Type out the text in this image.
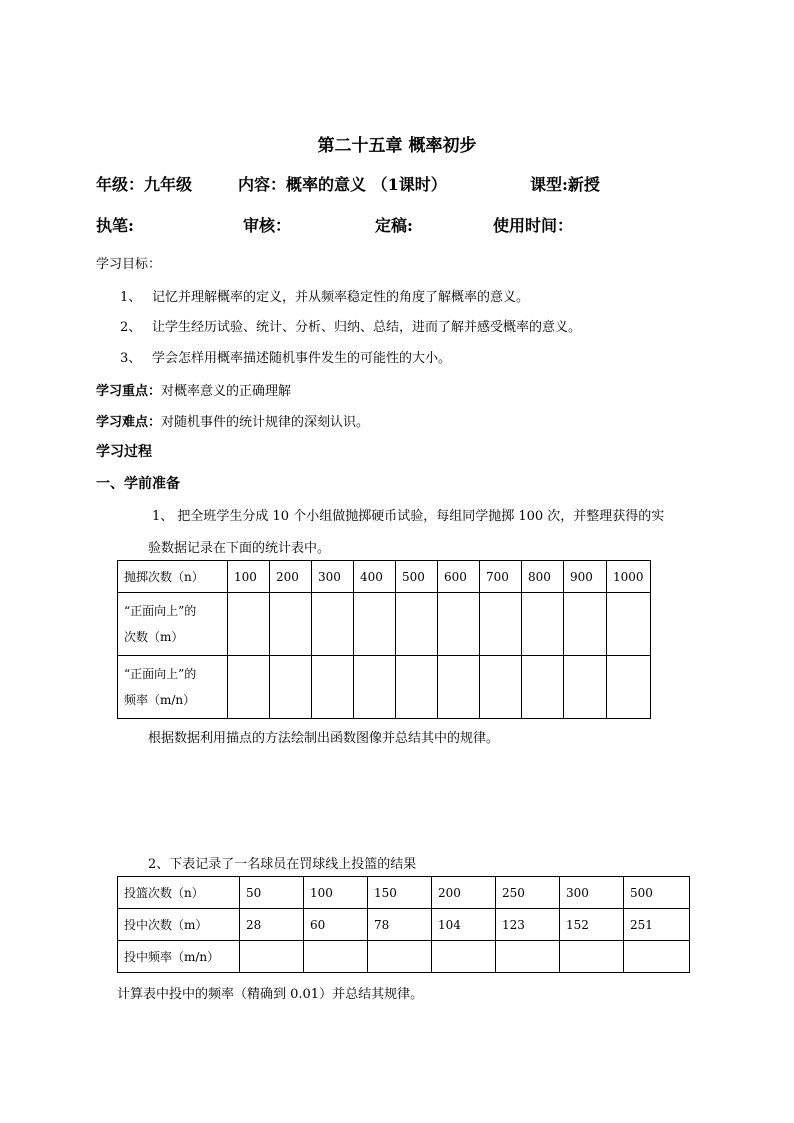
第二十五章 概率初步
年级：九年级	内容：概率的意义 （1课时）	课型:新授
执笔:	审核：	定稿:	使用时间：
学习目标：
1、 记忆并理解概率的定义，并从频率稳定性的角度了解概率的意义。
2、 让学生经历试验、统计、分析、归纳、总结，进而了解并感受概率的意义。
3、 学会怎样用概率描述随机事件发生的可能性的大小。
学习重点：对概率意义的正确理解
学习难点：对随机事件的统计规律的深刻认识。
学习过程
一、学前准备
1、 把全班学生分成 10 个小组做抛掷硬币试验，每组同学抛掷 100 次，并整理获得的实
验数据记录在下面的统计表中。
抛掷次数（n）	100	200	300	400	500	600	700	800	900	1000

“正面向上”的
次数（m）										

“正面向上”的
频率（m/n）										

根据数据利用描点的方法绘制出函数图像并总结其中的规律。
2、下表记录了一名球员在罚球线上投篮的结果
投篮次数（n）	50	100	150	200	250	300	500
投中次数（m）	28	60	78	104	123	152	251
投中频率（m/n）							
计算表中投中的频率（精确到 0.01）并总结其规律。
